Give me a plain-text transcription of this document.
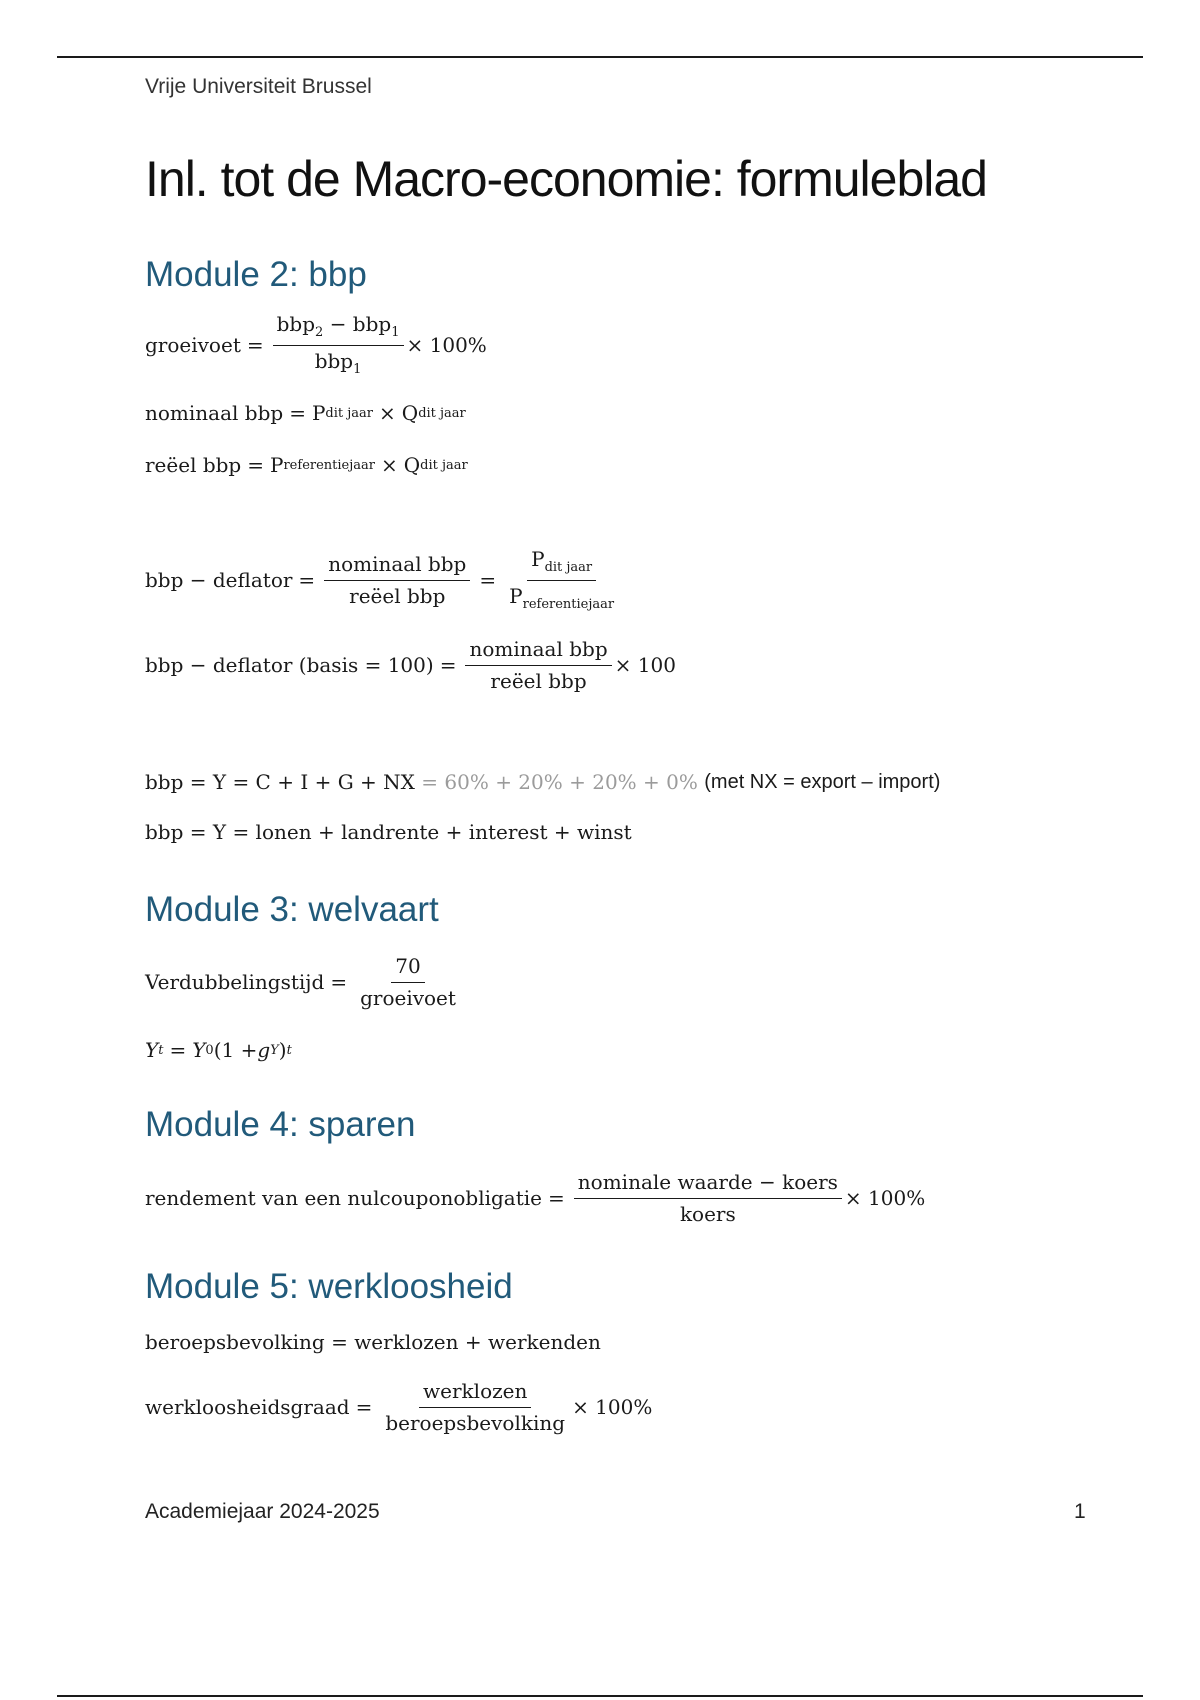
Vrije Universiteit Brussel
Inl. tot de Macro-economie: formuleblad
Module 2: bbp
groeivoet = $\frac{bbp_2 - bbp_1}{bbp_1} \times 100\%$
nominaal bbp = P dit jaar × Q dit jaar
reëel bbp = P referentiejaar × Q dit jaar
bbp − deflator = $\frac{\text{nominaal bbp}}{\text{reëel bbp}} = \frac{P_{dit jaar}}{P_{referentiejaar}}$
bbp − deflator (basis = $100) = \frac{\text{nominaal bbp}}{\text{reëel bbp}} \times 100$
bbp = Y = C + I + G + NX
= 60% + 20% + 20% + 0%
(met NX = export – import)
bbp = Y = lonen + landrente + interest + winst
Module 3: welvaart
Verdubbelingstijd = $\frac{70}{\text{groeivoet}}$
Y t = Y 0 (1 + g Y ) t
Module 4: sparen
rendement van een nulcouponobligatie = $\frac{\text{nominale waarde − koers}}{\text{koers}} \times 100\%$
Module 5: werkloosheid
beroepsbevolking = werklozen + werkenden
werkloosheidsgraad = $\frac{\text{werklozen}}{\text{beroepsbevolking}} \times 100\%$
Academiejaar 2024-2025	1
